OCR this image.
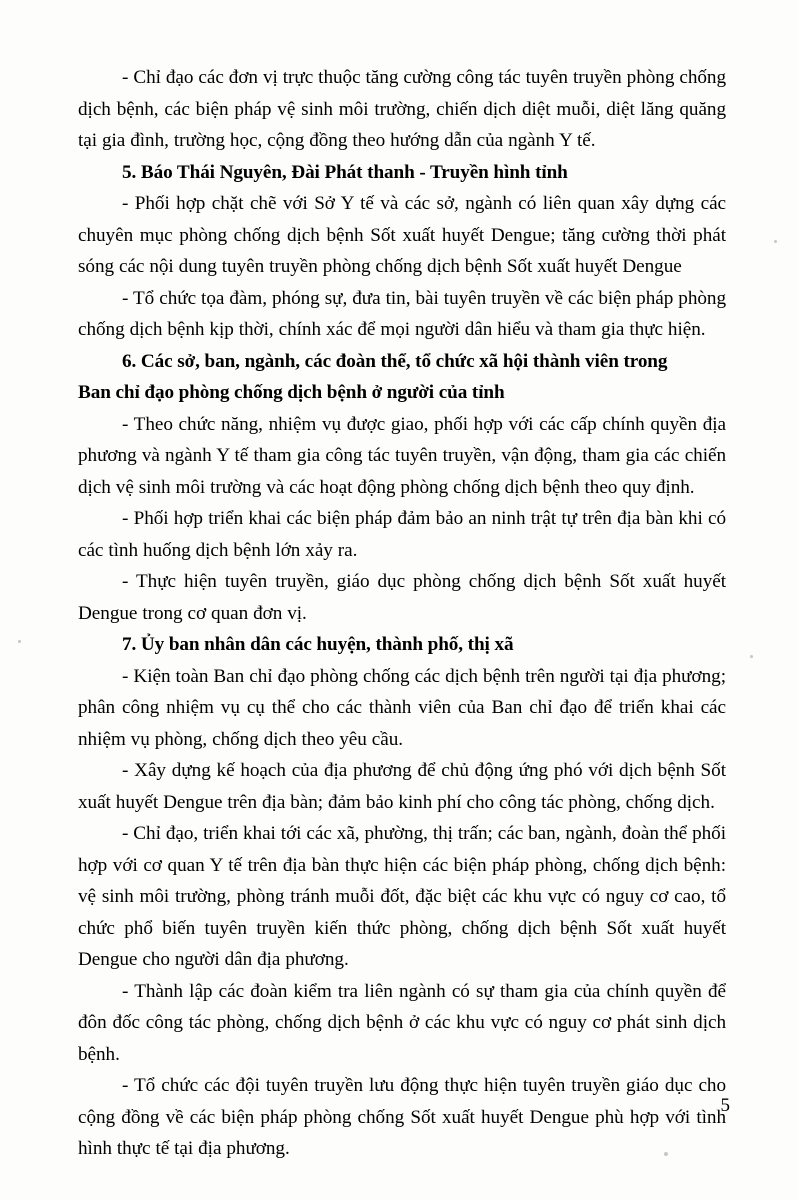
- Chỉ đạo các đơn vị trực thuộc tăng cường công tác tuyên truyền phòng chống dịch bệnh, các biện pháp vệ sinh môi trường, chiến dịch diệt muỗi, diệt lăng quăng tại gia đình, trường học, cộng đồng theo hướng dẫn của ngành Y tế.

5. Báo Thái Nguyên, Đài Phát thanh - Truyền hình tỉnh

- Phối hợp chặt chẽ với Sở Y tế và các sở, ngành có liên quan xây dựng các chuyên mục phòng chống dịch bệnh Sốt xuất huyết Dengue; tăng cường thời phát sóng các nội dung tuyên truyền phòng chống dịch bệnh Sốt xuất huyết Dengue

- Tổ chức tọa đàm, phóng sự, đưa tin, bài tuyên truyền về các biện pháp phòng chống dịch bệnh kịp thời, chính xác để mọi người dân hiểu và tham gia thực hiện.

6. Các sở, ban, ngành, các đoàn thể, tổ chức xã hội thành viên trong

Ban chỉ đạo phòng chống dịch bệnh ở người của tỉnh

- Theo chức năng, nhiệm vụ được giao, phối hợp với các cấp chính quyền địa phương và ngành Y tế tham gia công tác tuyên truyền, vận động, tham gia các chiến dịch vệ sinh môi trường và các hoạt động phòng chống dịch bệnh theo quy định.

- Phối hợp triển khai các biện pháp đảm bảo an ninh trật tự trên địa bàn khi có các tình huống dịch bệnh lớn xảy ra.

- Thực hiện tuyên truyền, giáo dục phòng chống dịch bệnh Sốt xuất huyết Dengue trong cơ quan đơn vị.

7. Ủy ban nhân dân các huyện, thành phố, thị xã

- Kiện toàn Ban chỉ đạo phòng chống các dịch bệnh trên người tại địa phương; phân công nhiệm vụ cụ thể cho các thành viên của Ban chỉ đạo để triển khai các nhiệm vụ phòng, chống dịch theo yêu cầu.

- Xây dựng kế hoạch của địa phương để chủ động ứng phó với dịch bệnh Sốt xuất huyết Dengue trên địa bàn; đảm bảo kinh phí cho công tác phòng, chống dịch.

- Chỉ đạo, triển khai tới các xã, phường, thị trấn; các ban, ngành, đoàn thể phối hợp với cơ quan Y tế trên địa bàn thực hiện các biện pháp phòng, chống dịch bệnh: vệ sinh môi trường, phòng tránh muỗi đốt, đặc biệt các khu vực có nguy cơ cao, tổ chức phổ biến tuyên truyền kiến thức phòng, chống dịch bệnh Sốt xuất huyết Dengue cho người dân địa phương.

- Thành lập các đoàn kiểm tra liên ngành có sự tham gia của chính quyền để đôn đốc công tác phòng, chống dịch bệnh ở các khu vực có nguy cơ phát sinh dịch bệnh.

- Tổ chức các đội tuyên truyền lưu động thực hiện tuyên truyền giáo dục cho cộng đồng về các biện pháp phòng chống Sốt xuất huyết Dengue phù hợp với tình hình thực tế tại địa phương.

5
